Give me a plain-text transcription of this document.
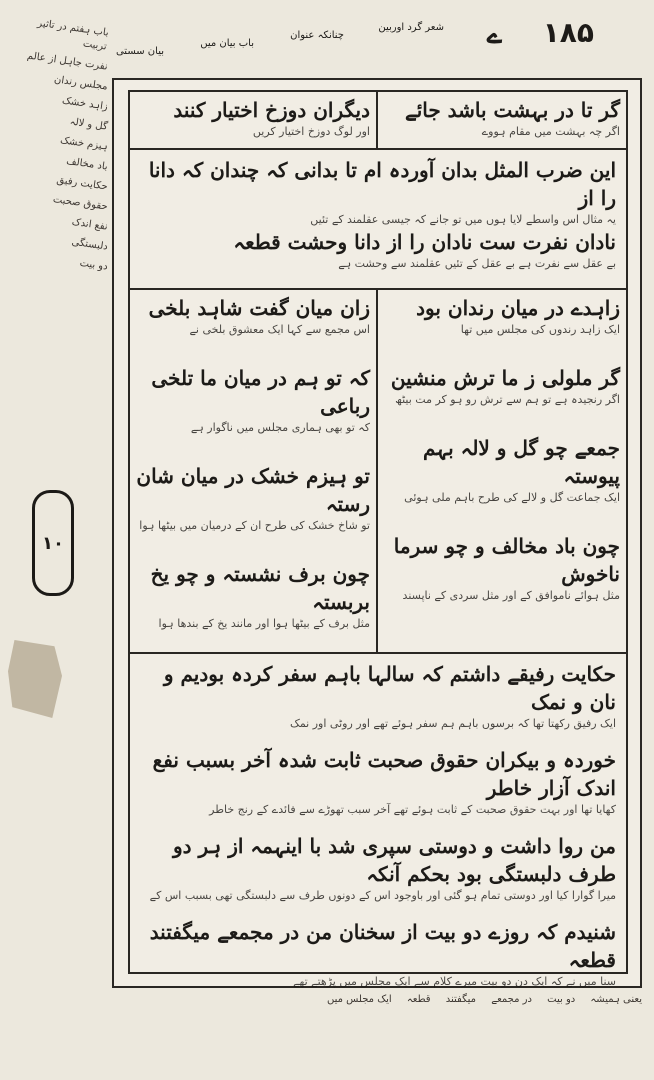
۱۸۵
ے
شعر گرد اوربین
چنانکہ عنوان
باب بیان میں
بیان سستی
باب ہفتم در تاثیر تربیت
نفرت جاہل از عالم
مجلس رندان
زاہد خشک
گل و لالہ
ہیزم خشک
باد مخالف
حکایت رفیق
حقوق صحبت
نفع اندک
دلبستگی
دو بیت
۱۰
گر تا در بہشت باشد جائے
اگر چہ بہشت میں مقام ہووے
دیگران دوزخ اختیار کنند
اور لوگ دوزخ اختیار کریں
این ضرب المثل بدان آوردہ ام تا بدانی کہ چندان کہ دانا را از
یہ مثال اس واسطے لایا ہوں میں تو جانے کہ جیسی عقلمند کے تئیں
نادان نفرت ست نادان را از دانا وحشت قطعہ
بے عقل سے نفرت ہے بے عقل کے تئیں عقلمند سے وحشت ہے
زاہدے در میان رندان بود
ایک زاہد رندوں کی مجلس میں تھا
گر ملولی ز ما ترش منشین
اگر رنجیدہ ہے تو ہم سے ترش رو ہو کر مت بیٹھ
جمعے چو گل و لالہ بہم پیوستہ
ایک جماعت گل و لالے کی طرح باہم ملی ہوئی
چون باد مخالف و چو سرما ناخوش
مثل ہوائے ناموافق کے اور مثل سردی کے ناپسند
زان میان گفت شاہد بلخی
اس مجمع سے کہا ایک معشوق بلخی نے
کہ تو ہم در میان ما تلخی رباعی
کہ تو بھی ہماری مجلس میں ناگوار ہے
تو ہیزم خشک در میان شان رستہ
تو شاخ خشک کی طرح ان کے درمیان میں بیٹھا ہوا
چون برف نشستہ و چو یخ بربستہ
مثل برف کے بیٹھا ہوا اور مانند یخ کے بندھا ہوا
حکایت رفیقے داشتم کہ سالہا باہم سفر کردہ بودیم و نان و نمک
ایک رفیق رکھتا تھا کہ برسوں باہم ہم سفر ہوئے تھے اور روٹی اور نمک
خوردہ و بیکران حقوق صحبت ثابت شدہ آخر بسبب نفع اندک آزار خاطر
کھایا تھا اور بہت حقوق صحبت کے ثابت ہوئے تھے آخر سبب تھوڑے سے فائدے کے رنج خاطر
من روا داشت و دوستی سپری شد با اینہمہ از ہر دو طرف دلبستگی بود بحکم آنکہ
میرا گوارا کیا اور دوستی تمام ہو گئی اور باوجود اس کے دونوں طرف سے دلبستگی تھی بسبب اس کے
شنیدم کہ روزے دو بیت از سخنان من در مجمعے میگفتند قطعہ
سنا میں نے کہ ایک دن دو بیت میرے کلام سے ایک مجلس میں پڑھتے تھے
یعنی ہمیشہ دو بیت در مجمعے میگفتند قطعہ ایک مجلس میں
